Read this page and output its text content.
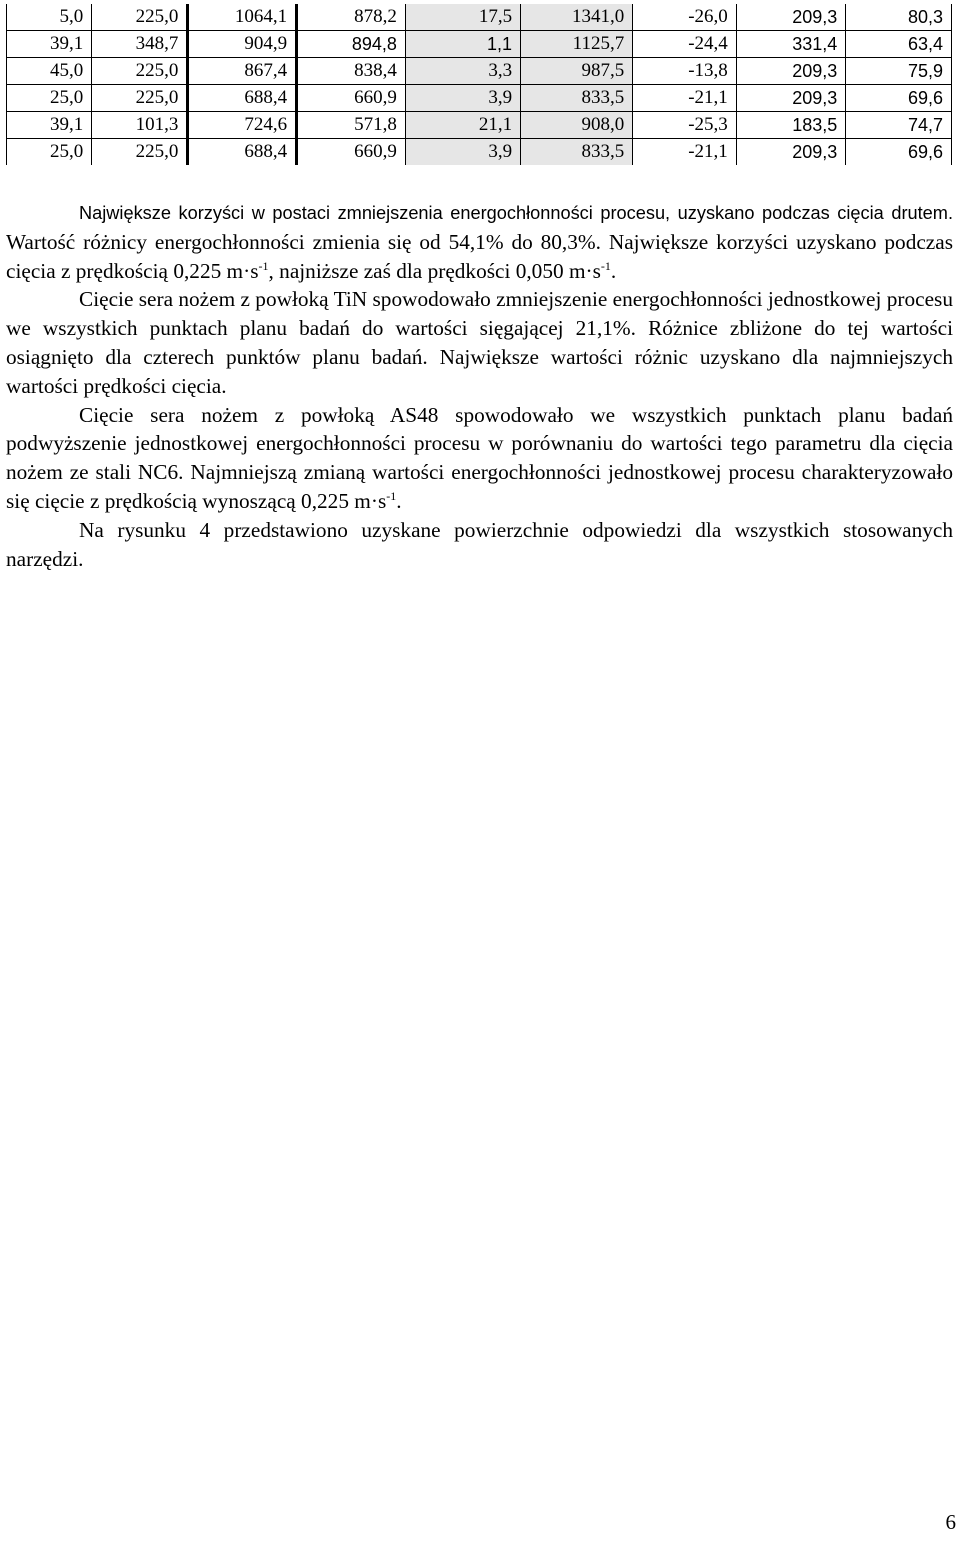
5,0	225,0	1064,1	878,2	17,5	1341,0	-26,0	209,3	80,3
39,1	348,7	904,9	894,8	1,1	1125,7	-24,4	331,4	63,4
45,0	225,0	867,4	838,4	3,3	987,5	-13,8	209,3	75,9
25,0	225,0	688,4	660,9	3,9	833,5	-21,1	209,3	69,6
39,1	101,3	724,6	571,8	21,1	908,0	-25,3	183,5	74,7
25,0	225,0	688,4	660,9	3,9	833,5	-21,1	209,3	69,6

Największe korzyści w postaci zmniejszenia energochłonności procesu, uzyskano podczas cięcia drutem. Wartość różnicy energochłonności zmienia się od 54,1% do 80,3%. Największe korzyści uzyskano podczas cięcia z prędkością 0,225 $m\cdot s^{-1}$, najniższe zaś dla prędkości 0,050 $m\cdot s^{-1}$.

Cięcie sera nożem z powłoką TiN spowodowało zmniejszenie energochłonności jednostkowej procesu we wszystkich punktach planu badań do wartości sięgającej 21,1%. Różnice zbliżone do tej wartości osiągnięto dla czterech punktów planu badań. Największe wartości różnic uzyskano dla najmniejszych wartości prędkości cięcia.

Cięcie sera nożem z powłoką AS48 spowodowało we wszystkich punktach planu badań podwyższenie jednostkowej energochłonności procesu w porównaniu do wartości tego parametru dla cięcia nożem ze stali NC6. Najmniejszą zmianą wartości energochłonności jednostkowej procesu charakteryzowało się cięcie z prędkością wynoszącą 0,225 $m\cdot s^{-1}$.

Na rysunku 4 przedstawiono uzyskane powierzchnie odpowiedzi dla wszystkich stosowanych narzędzi.

6
